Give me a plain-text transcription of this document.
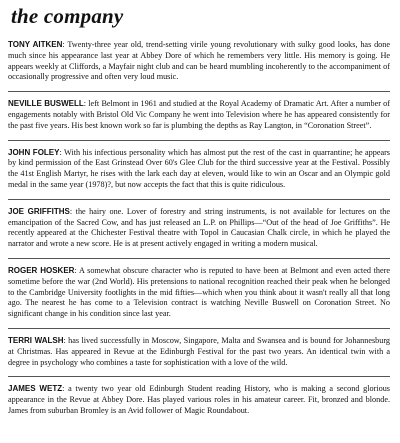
the company

TONY AITKEN: Twenty-three year old, trend-setting virile young revolutionary with sulky good looks, has done much since his appearance last year at Abbey Dore of which he remembers very little. His memory is going. He appears weekly at Cliffords, a Mayfair night club and can be heard mumbling incoherently to the accompaniment of occasionally progressive and often very loud music.

NEVILLE BUSWELL: left Belmont in 1961 and studied at the Royal Academy of Dramatic Art. After a number of engagements notably with Bristol Old Vic Company he went into Television where he has appeared consistently for the past five years. His best known work so far is plumbing the depths as Ray Langton, in “Coronation Street”.

JOHN FOLEY: With his infectious personality which has almost put the rest of the cast in quarrantine; he appears by kind permission of the East Grinstead Over 60's Glee Club for the third successive year at the Festival. Possibly the 41st English Martyr, he rises with the lark each day at eleven, would like to win an Oscar and an Olympic gold medal in the same year (1978)?, but now accepts the fact that this is quite ridiculous.

JOE GRIFFITHS: the hairy one. Lover of forestry and string instruments, is not available for lectures on the emancipation of the Sacred Cow, and has just released an L.P. on Phillips—“Out of the head of Joe Griffiths”. He recently appeared at the Chichester Festival theatre with Topol in Caucasian Chalk circle, in which he played the narrator and wrote a new score. He is at present actively engaged in writing a modern musical.

ROGER HOSKER: A somewhat obscure character who is reputed to have been at Belmont and even acted there sometime before the war (2nd World). His pretensions to national recognition reached their peak when he belonged to the Cambridge University footlights in the mid fifties—which when you think about it wasn't really all that long ago. The nearest he has come to a Television contract is watching Neville Buswell on Coronation Street. No significant change in his condition since last year.

TERRI WALSH: has lived successfully in Moscow, Singapore, Malta and Swansea and is bound for Johannesburg at Christmas. Has appeared in Revue at the Edinburgh Festival for the past two years. An identical twin with a degree in psychology who combines a taste for sophistication with a love of the wild.

JAMES WETZ: a twenty two year old Edinburgh Student reading History, who is making a second glorious appearance in the Revue at Abbey Dore. Has played various roles in his amateur career. Fit, bronzed and blonde. James from suburban Bromley is an Avid follower of Magic Roundabout.
